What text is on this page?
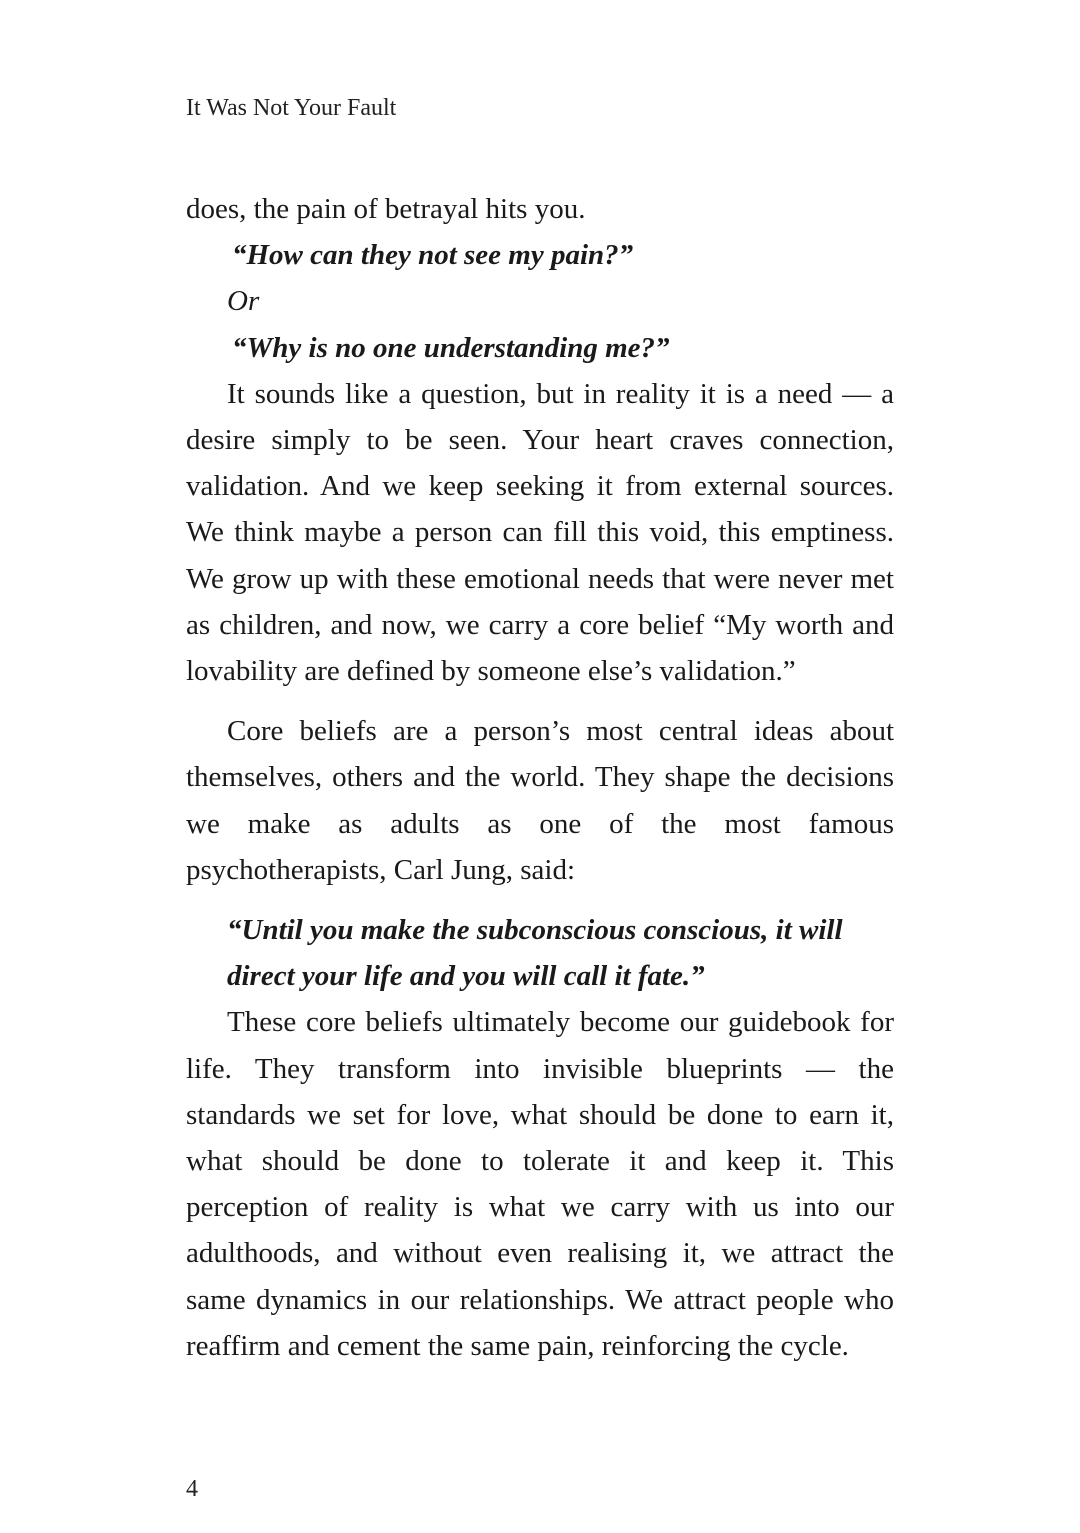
It Was Not Your Fault

does, the pain of betrayal hits you.

“How can they not see my pain?”

Or

“Why is no one understanding me?”

It sounds like a question, but in reality it is a need — a desire simply to be seen. Your heart craves connection, validation. And we keep seeking it from external sources. We think maybe a person can fill this void, this emptiness. We grow up with these emotional needs that were never met as children, and now, we carry a core belief “My worth and lovability are defined by someone else’s validation.”

Core beliefs are a person’s most central ideas about themselves, others and the world. They shape the decisions we make as adults as one of the most famous psychotherapists, Carl Jung, said:

“Until you make the subconscious conscious, it will direct your life and you will call it fate.”

These core beliefs ultimately become our guidebook for life. They transform into invisible blueprints — the standards we set for love, what should be done to earn it, what should be done to tolerate it and keep it. This perception of reality is what we carry with us into our adulthoods, and without even realising it, we attract the same dynamics in our relationships. We attract people who reaffirm and cement the same pain, reinforcing the cycle.

4
